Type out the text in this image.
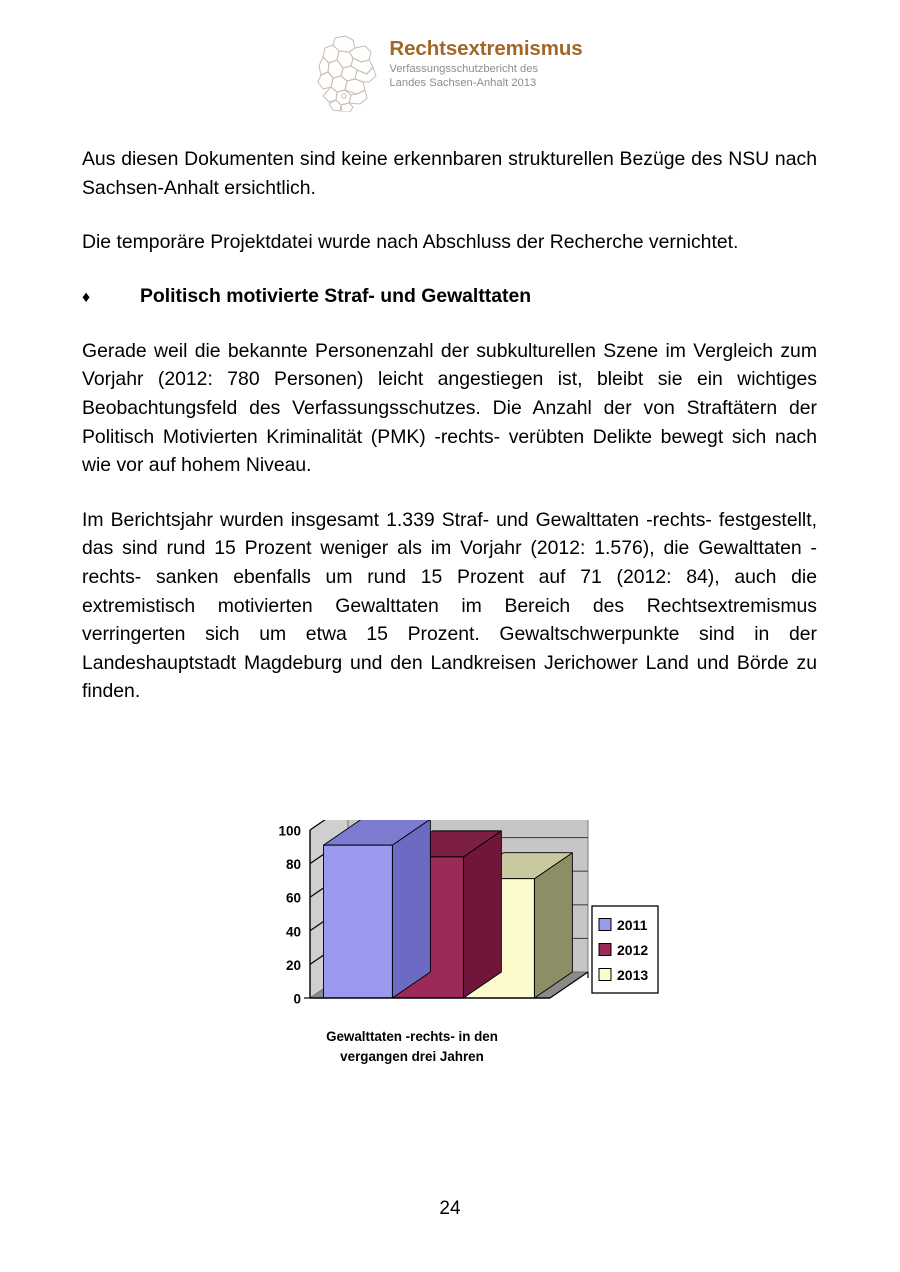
Rechtsextremismus
Verfassungsschutzbericht des
Landes Sachsen-Anhalt 2013

Aus diesen Dokumenten sind keine erkennbaren strukturellen Bezüge des NSU nach Sachsen-Anhalt ersichtlich.

Die temporäre Projektdatei wurde nach Abschluss der Recherche vernichtet.

♦	Politisch motivierte Straf- und Gewalttaten

Gerade weil die bekannte Personenzahl der subkulturellen Szene im Vergleich zum Vorjahr (2012: 780 Personen) leicht angestiegen ist, bleibt sie ein wichtiges Beobachtungsfeld des Verfassungsschutzes. Die Anzahl der von Straftätern der Politisch Motivierten Kriminalität (PMK) -rechts- verübten Delikte bewegt sich nach wie vor auf hohem Niveau.

Im Berichtsjahr wurden insgesamt 1.339 Straf- und Gewalttaten -rechts- festgestellt, das sind rund 15 Prozent weniger als im Vorjahr (2012: 1.576), die Gewalttaten -rechts- sanken ebenfalls um rund 15 Prozent auf 71 (2012: 84), auch die extremistisch motivierten Gewalttaten im Bereich des Rechtsextremismus verringerten sich um etwa 15 Prozent. Gewaltschwerpunkte sind in der Landeshauptstadt Magdeburg und den Landkreisen Jerichower Land und Börde zu finden.

0
20
40
60
80
100
2011
2012
2013
Gewalttaten -rechts- in den
vergangen drei Jahren
24
